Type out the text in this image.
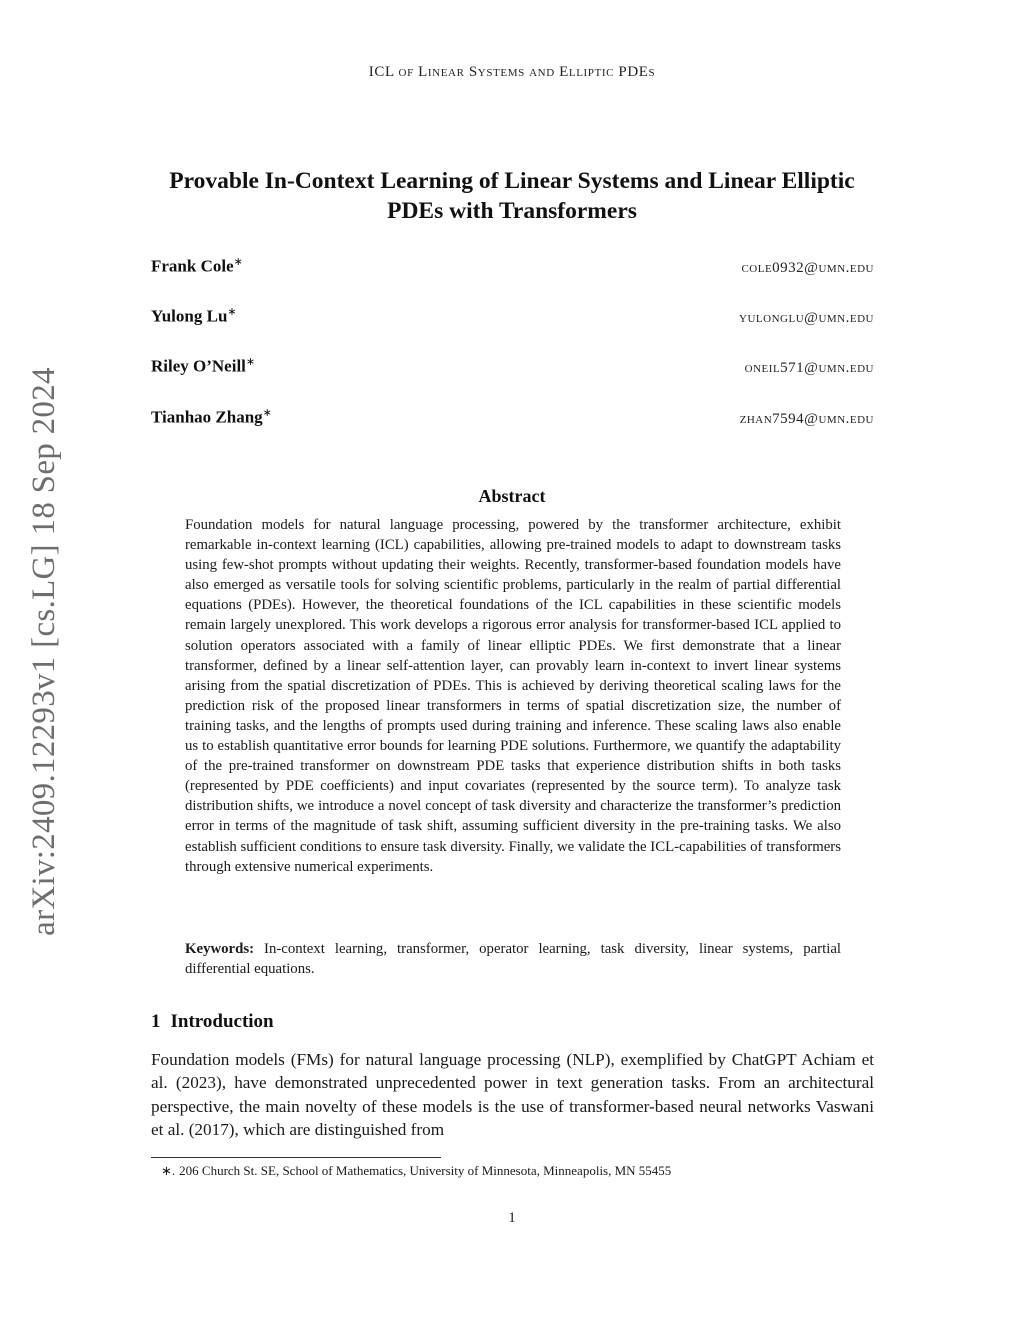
ICL of Linear Systems and Elliptic PDEs
arXiv:2409.12293v1 [cs.LG] 18 Sep 2024
Provable In-Context Learning of Linear Systems and Linear Elliptic PDEs with Transformers
Frank Cole∗	cole0932@umn.edu
Yulong Lu∗	yulonglu@umn.edu
Riley O’Neill∗	oneil571@umn.edu
Tianhao Zhang∗	zhan7594@umn.edu
Abstract

Foundation models for natural language processing, powered by the transformer architecture, exhibit remarkable in-context learning (ICL) capabilities, allowing pre-trained models to adapt to downstream tasks using few-shot prompts without updating their weights. Recently, transformer-based foundation models have also emerged as versatile tools for solving scientific problems, particularly in the realm of partial differential equations (PDEs). However, the theoretical foundations of the ICL capabilities in these scientific models remain largely unexplored. This work develops a rigorous error analysis for transformer-based ICL applied to solution operators associated with a family of linear elliptic PDEs. We first demonstrate that a linear transformer, defined by a linear self-attention layer, can provably learn in-context to invert linear systems arising from the spatial discretization of PDEs. This is achieved by deriving theoretical scaling laws for the prediction risk of the proposed linear transformers in terms of spatial discretization size, the number of training tasks, and the lengths of prompts used during training and inference. These scaling laws also enable us to establish quantitative error bounds for learning PDE solutions. Furthermore, we quantify the adaptability of the pre-trained transformer on downstream PDE tasks that experience distribution shifts in both tasks (represented by PDE coefficients) and input covariates (represented by the source term). To analyze task distribution shifts, we introduce a novel concept of task diversity and characterize the transformer’s prediction error in terms of the magnitude of task shift, assuming sufficient diversity in the pre-training tasks. We also establish sufficient conditions to ensure task diversity. Finally, we validate the ICL-capabilities of transformers through extensive numerical experiments.

Keywords: In-context learning, transformer, operator learning, task diversity, linear systems, partial differential equations.

1 Introduction

Foundation models (FMs) for natural language processing (NLP), exemplified by ChatGPT Achiam et al. (2023), have demonstrated unprecedented power in text generation tasks. From an architectural perspective, the main novelty of these models is the use of transformer-based neural networks Vaswani et al. (2017), which are distinguished from

∗. 206 Church St. SE, School of Mathematics, University of Minnesota, Minneapolis, MN 55455
1
